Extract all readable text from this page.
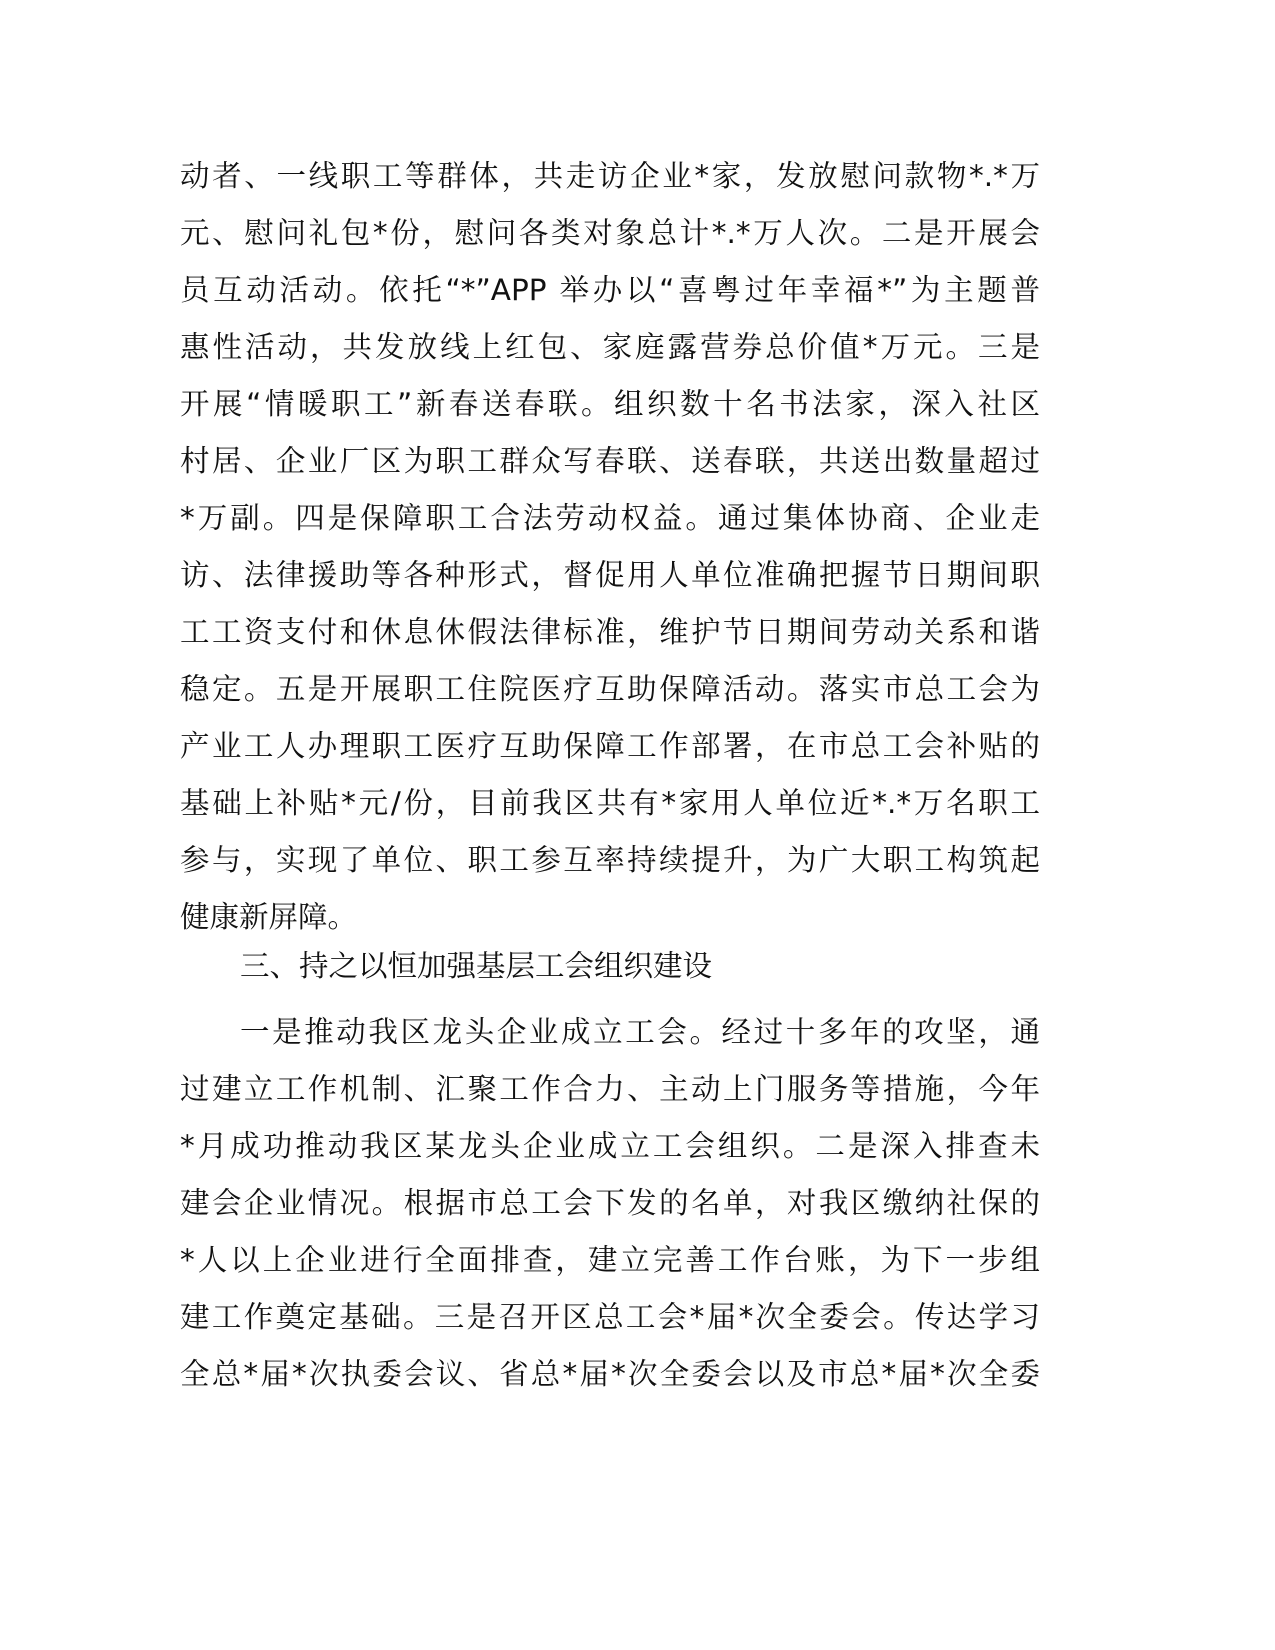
动者、一线职工等群体，共走访企业*家，发放慰问款物*.*万
元、慰问礼包*份，慰问各类对象总计*.*万人次。二是开展会
员互动活动。依托“*”APP 举办以“喜粤过年幸福*”为主题普
惠性活动，共发放线上红包、家庭露营券总价值*万元。三是
开展“情暖职工”新春送春联。组织数十名书法家，深入社区
村居、企业厂区为职工群众写春联、送春联，共送出数量超过
*万副。四是保障职工合法劳动权益。通过集体协商、企业走
访、法律援助等各种形式，督促用人单位准确把握节日期间职
工工资支付和休息休假法律标准，维护节日期间劳动关系和谐
稳定。五是开展职工住院医疗互助保障活动。落实市总工会为
产业工人办理职工医疗互助保障工作部署，在市总工会补贴的
基础上补贴*元/份，目前我区共有*家用人单位近*.*万名职工
参与，实现了单位、职工参互率持续提升，为广大职工构筑起
健康新屏障。
三、持之以恒加强基层工会组织建设
一是推动我区龙头企业成立工会。经过十多年的攻坚，通
过建立工作机制、汇聚工作合力、主动上门服务等措施，今年
*月成功推动我区某龙头企业成立工会组织。二是深入排查未
建会企业情况。根据市总工会下发的名单，对我区缴纳社保的
*人以上企业进行全面排查，建立完善工作台账，为下一步组
建工作奠定基础。三是召开区总工会*届*次全委会。传达学习
全总*届*次执委会议、省总*届*次全委会以及市总*届*次全委
